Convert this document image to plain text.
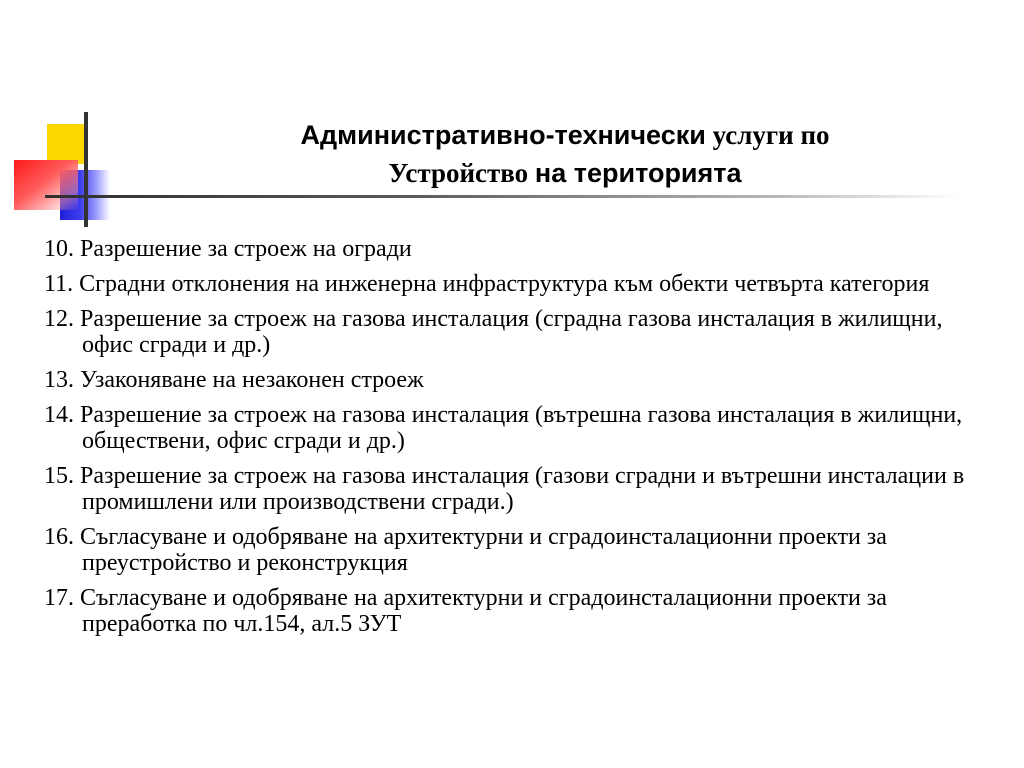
Административно-технически услуги по
Устройство на територията
10. Разрешение за строеж на огради
11. Сградни отклонения на инженерна инфраструктура към обекти четвърта категория
12. Разрешение за строеж на газова инсталация (сградна газова инсталация в жилищни, офис сгради и др.)
13. Узаконяване на незаконен строеж
14. Разрешение за строеж на газова инсталация (вътрешна газова инсталация в жилищни, обществени, офис сгради и др.)
15. Разрешение за строеж на газова инсталация (газови сградни и вътрешни инсталации в промишлени или производствени сгради.)
16. Съгласуване и одобряване на архитектурни и сградоинсталационни проекти за преустройство и реконструкция
17. Съгласуване и одобряване на архитектурни и сградоинсталационни проекти за преработка по чл.154, ал.5 ЗУТ
